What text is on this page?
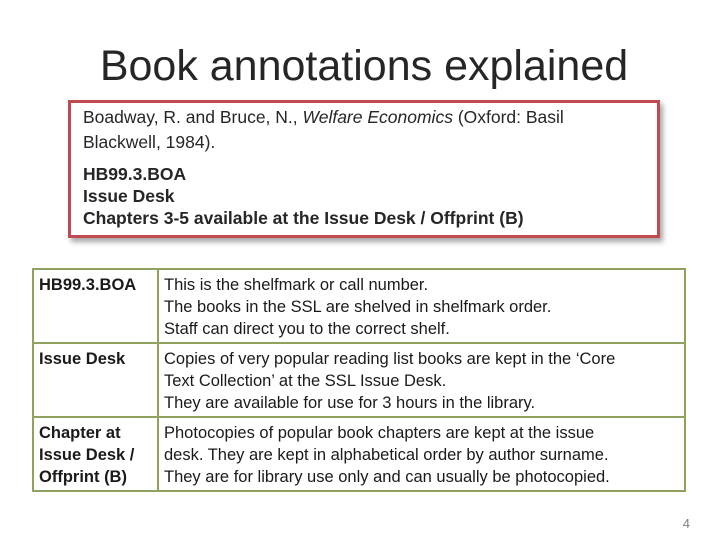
Book annotations explained
Boadway, R. and Bruce, N., Welfare Economics (Oxford: Basil
Blackwell, 1984).
HB99.3.BOA
Issue Desk
Chapters 3-5 available at the Issue Desk / Offprint (B)
HB99.3.BOA	This is the shelfmark or call number.
The books in the SSL are shelved in shelfmark order.
Staff can direct you to the correct shelf.

Issue Desk	Copies of very popular reading list books are kept in the ‘Core
Text Collection’ at the SSL Issue Desk.
They are available for use for 3 hours in the library.

Chapter at
Issue Desk /
Offprint (B)	Photocopies of popular book chapters are kept at the issue
desk. They are kept in alphabetical order by author surname.
They are for library use only and can usually be photocopied.
4
